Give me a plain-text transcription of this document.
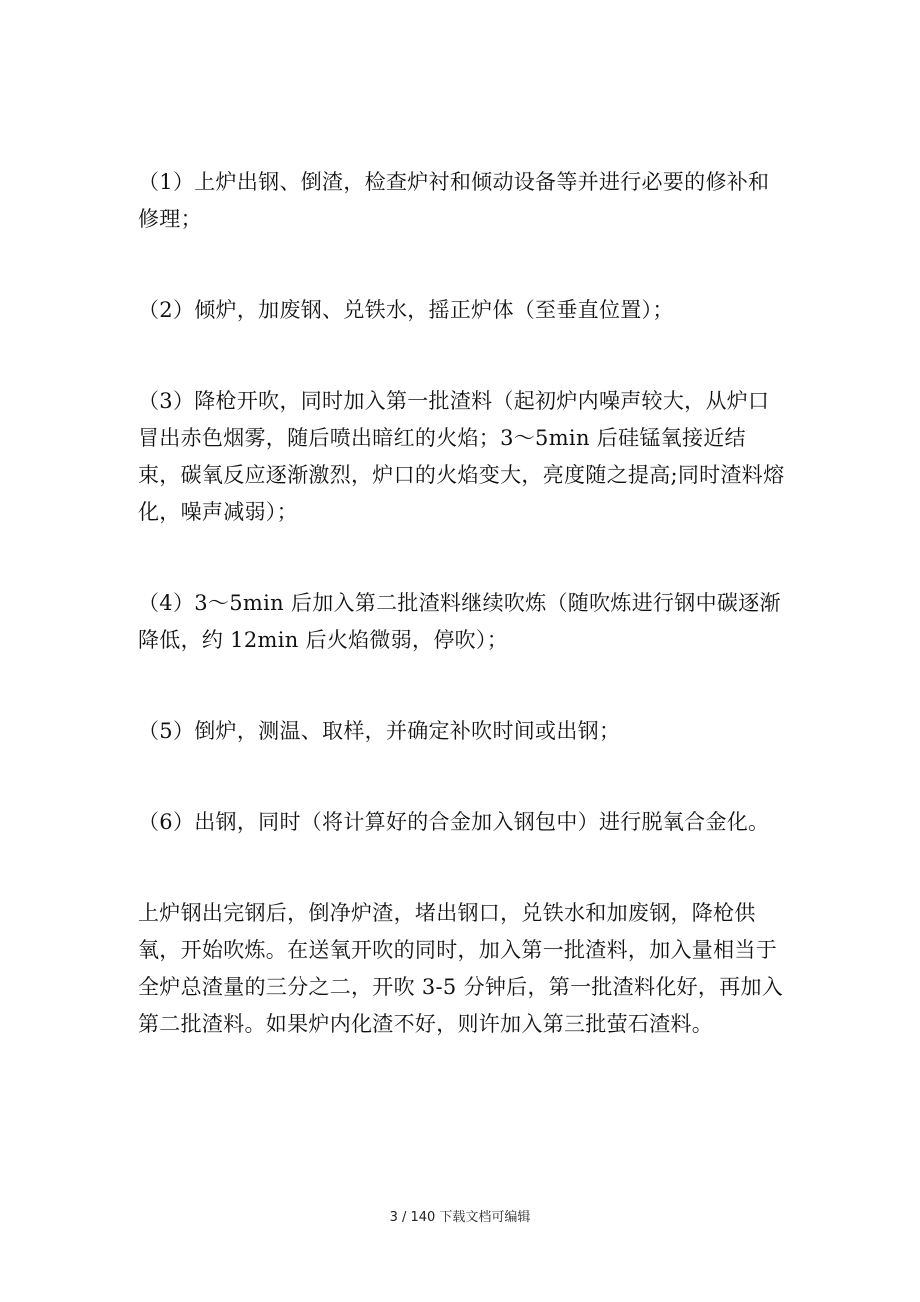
（1）上炉出钢、倒渣，检查炉衬和倾动设备等并进行必要的修补和修理；

（2）倾炉，加废钢、兑铁水，摇正炉体（至垂直位置）；

（3）降枪开吹，同时加入第一批渣料（起初炉内噪声较大，从炉口冒出赤色烟雾，随后喷出暗红的火焰；3～5min 后硅锰氧接近结束，碳氧反应逐渐激烈，炉口的火焰变大，亮度随之提高;同时渣料熔化，噪声减弱）；

（4）3～5min 后加入第二批渣料继续吹炼（随吹炼进行钢中碳逐渐降低，约 12min 后火焰微弱，停吹）；

（5）倒炉，测温、取样，并确定补吹时间或出钢；

（6）出钢，同时（将计算好的合金加入钢包中）进行脱氧合金化。

上炉钢出完钢后，倒净炉渣，堵出钢口，兑铁水和加废钢，降枪供氧，开始吹炼。在送氧开吹的同时，加入第一批渣料，加入量相当于全炉总渣量的三分之二，开吹 3-5 分钟后，第一批渣料化好，再加入第二批渣料。如果炉内化渣不好，则许加入第三批萤石渣料。

3 / 140 下载文档可编辑
